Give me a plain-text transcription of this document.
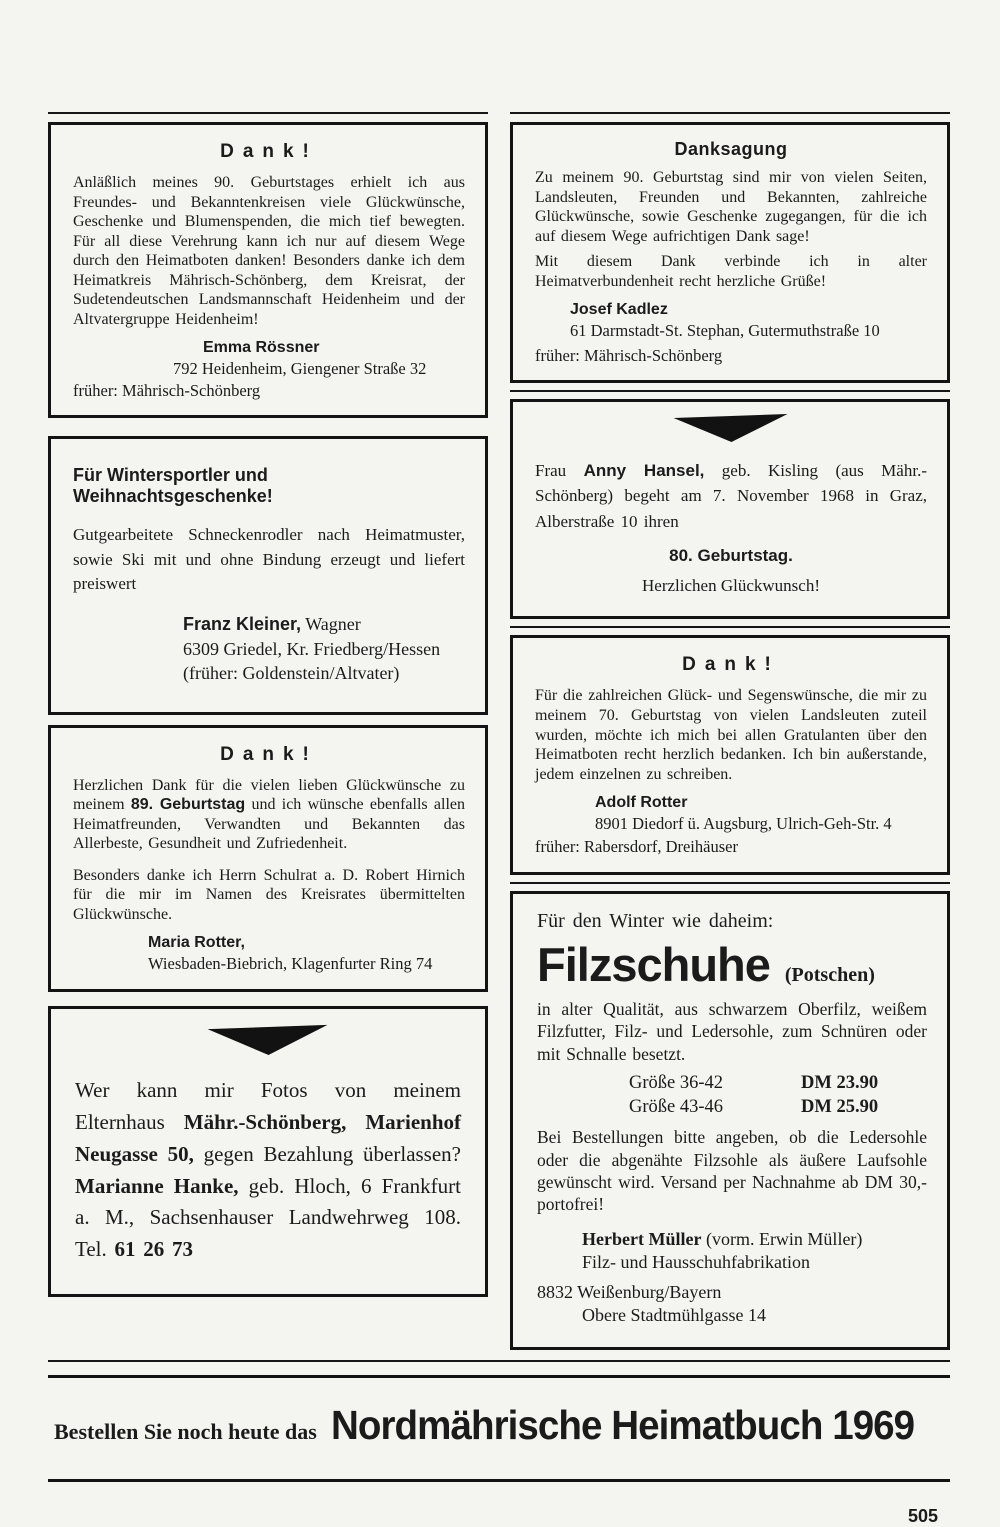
Dank!

Anläßlich meines 90. Geburtstages erhielt ich aus Freundes- und Bekanntenkreisen viele Glückwünsche, Geschenke und Blumenspenden, die mich tief bewegten. Für all diese Verehrung kann ich nur auf diesem Wege durch den Heimatboten danken! Besonders danke ich dem Heimatkreis Mährisch-Schönberg, dem Kreisrat, der Sudetendeutschen Landsmannschaft Heidenheim und der Altvatergruppe Heidenheim!

Emma Rössner

792 Heidenheim, Giengener Straße 32

früher: Mährisch-Schönberg

Für Wintersportler und Weihnachtsgeschenke!

Gutgearbeitete Schneckenrodler nach Heimatmuster, sowie Ski mit und ohne Bindung erzeugt und liefert preiswert

Franz Kleiner, Wagner

6309 Griedel, Kr. Friedberg/Hessen

(früher: Goldenstein/Altvater)

Dank!

Herzlichen Dank für die vielen lieben Glückwünsche zu meinem 89. Geburtstag und ich wünsche ebenfalls allen Heimatfreunden, Verwandten und Bekannten das Allerbeste, Gesundheit und Zufriedenheit.

Besonders danke ich Herrn Schulrat a. D. Robert Hirnich für die mir im Namen des Kreisrates übermittelten Glückwünsche.

Maria Rotter,

Wiesbaden-Biebrich, Klagenfurter Ring 74

Wer kann mir Fotos von meinem Elternhaus Mähr.-Schönberg, Marienhof Neugasse 50, gegen Bezahlung überlassen? Marianne Hanke, geb. Hloch, 6 Frankfurt a. M., Sachsenhauser Landwehrweg 108. Tel. 61 26 73

Danksagung

Zu meinem 90. Geburtstag sind mir von vielen Seiten, Landsleuten, Freunden und Bekannten, zahlreiche Glückwünsche, sowie Geschenke zugegangen, für die ich auf diesem Wege aufrichtigen Dank sage!

Mit diesem Dank verbinde ich in alter Heimatverbundenheit recht herzliche Grüße!

Josef Kadlez

61 Darmstadt-St. Stephan, Gutermuthstraße 10

früher: Mährisch-Schönberg

Frau Anny Hansel, geb. Kisling (aus Mähr.-Schönberg) begeht am 7. November 1968 in Graz, Alberstraße 10 ihren

80. Geburtstag.

Herzlichen Glückwunsch!

Dank!

Für die zahlreichen Glück- und Segenswünsche, die mir zu meinem 70. Geburtstag von vielen Landsleuten zuteil wurden, möchte ich mich bei allen Gratulanten über den Heimatboten recht herzlich bedanken. Ich bin außerstande, jedem einzelnen zu schreiben.

Adolf Rotter

8901 Diedorf ü. Augsburg, Ulrich-Geh-Str. 4

früher: Rabersdorf, Dreihäuser

Für den Winter wie daheim:

Filzschuhe (Potschen)

in alter Qualität, aus schwarzem Oberfilz, weißem Filzfutter, Filz- und Ledersohle, zum Schnüren oder mit Schnalle besetzt.

Größe 36-42	DM 23.90
Größe 43-46	DM 25.90

Bei Bestellungen bitte angeben, ob die Ledersohle oder die abgenähte Filzsohle als äußere Laufsohle gewünscht wird. Versand per Nachnahme ab DM 30,- portofrei!

Herbert Müller (vorm. Erwin Müller)

Filz- und Hausschuhfabrikation

8832 Weißenburg/Bayern

Obere Stadtmühlgasse 14

Bestellen Sie noch heute das Nordmährische Heimatbuch 1969
505
